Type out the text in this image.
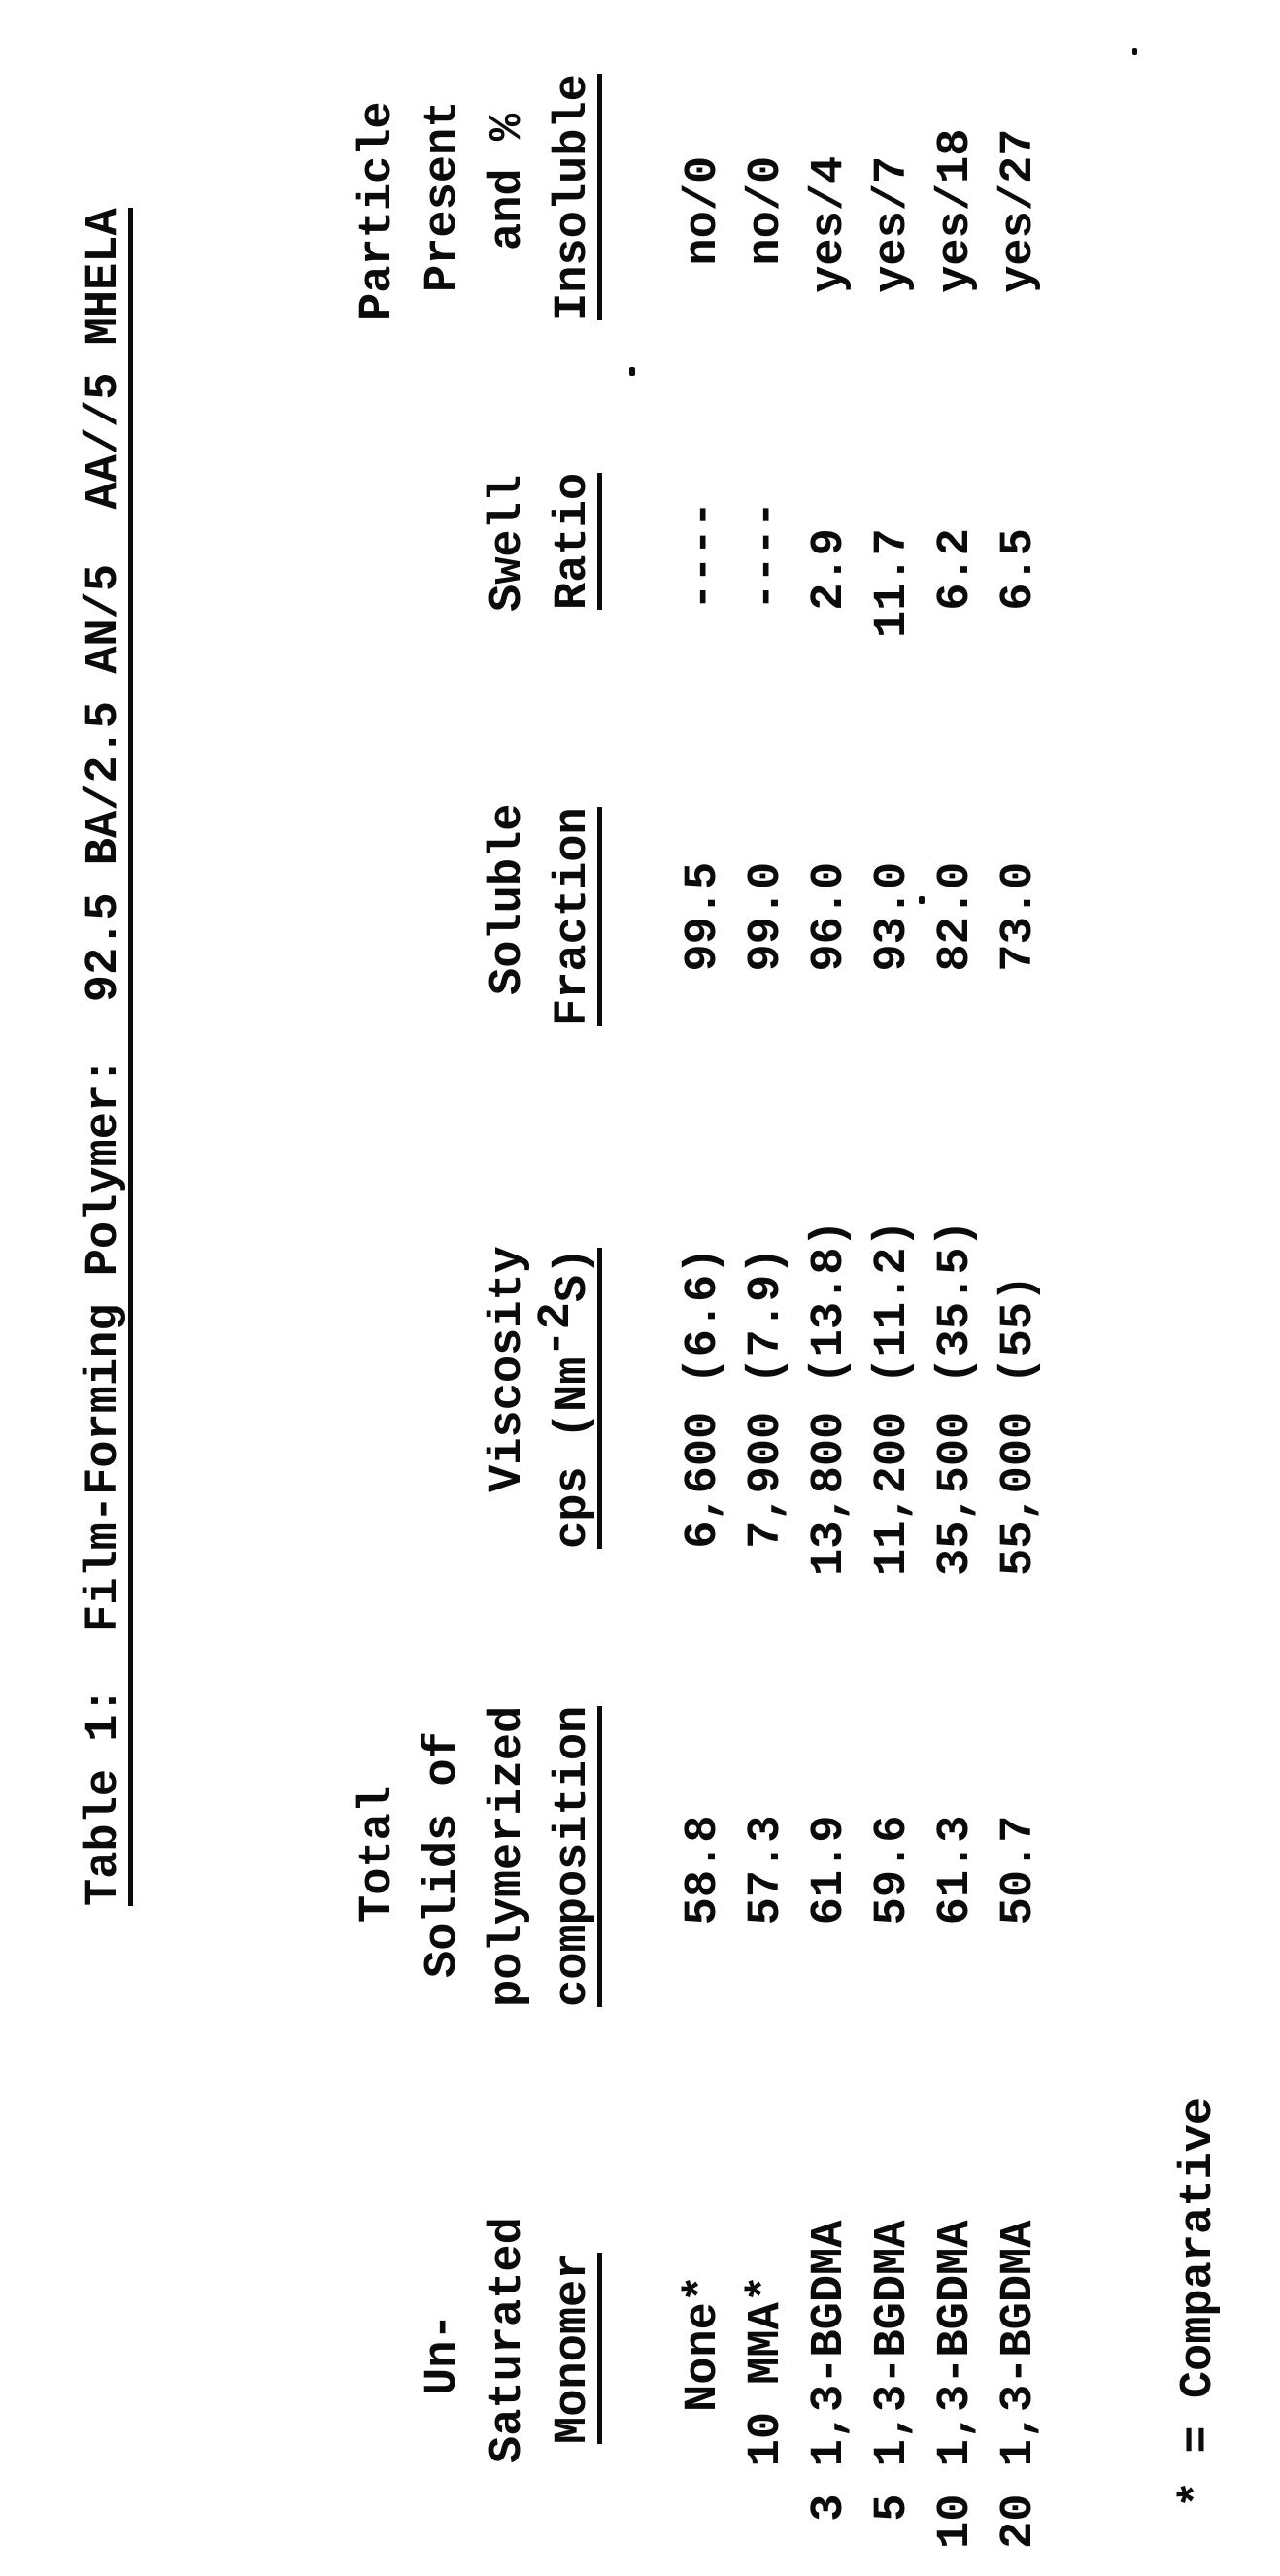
Table 1:  Film-Forming Polymer:  92.5 BA/2.5 AN/5  AA//5 MHELA
Un- Saturated Monomer
Total Solids of polymerized composition
Viscosity cps (Nm-2S)
Soluble Fraction
Swell Ratio
Particle Present and % Insoluble
None*
10 MMA*
3 1,3-BGDMA
5 1,3-BGDMA
10 1,3-BGDMA
20 1,3-BGDMA
58.8
57.3
61.9
59.6
61.3
50.7
6,600 (6.6)
7,900 (7.9)
13,800 (13.8)
11,200 (11.2)
35,500 (35.5)
55,000 (55)
99.5
99.0
96.0
93.0
82.0
73.0
----
----
2.9
11.7
6.2
6.5
no/0
no/0
yes/4
yes/7
yes/18
yes/27
* = Comparative
